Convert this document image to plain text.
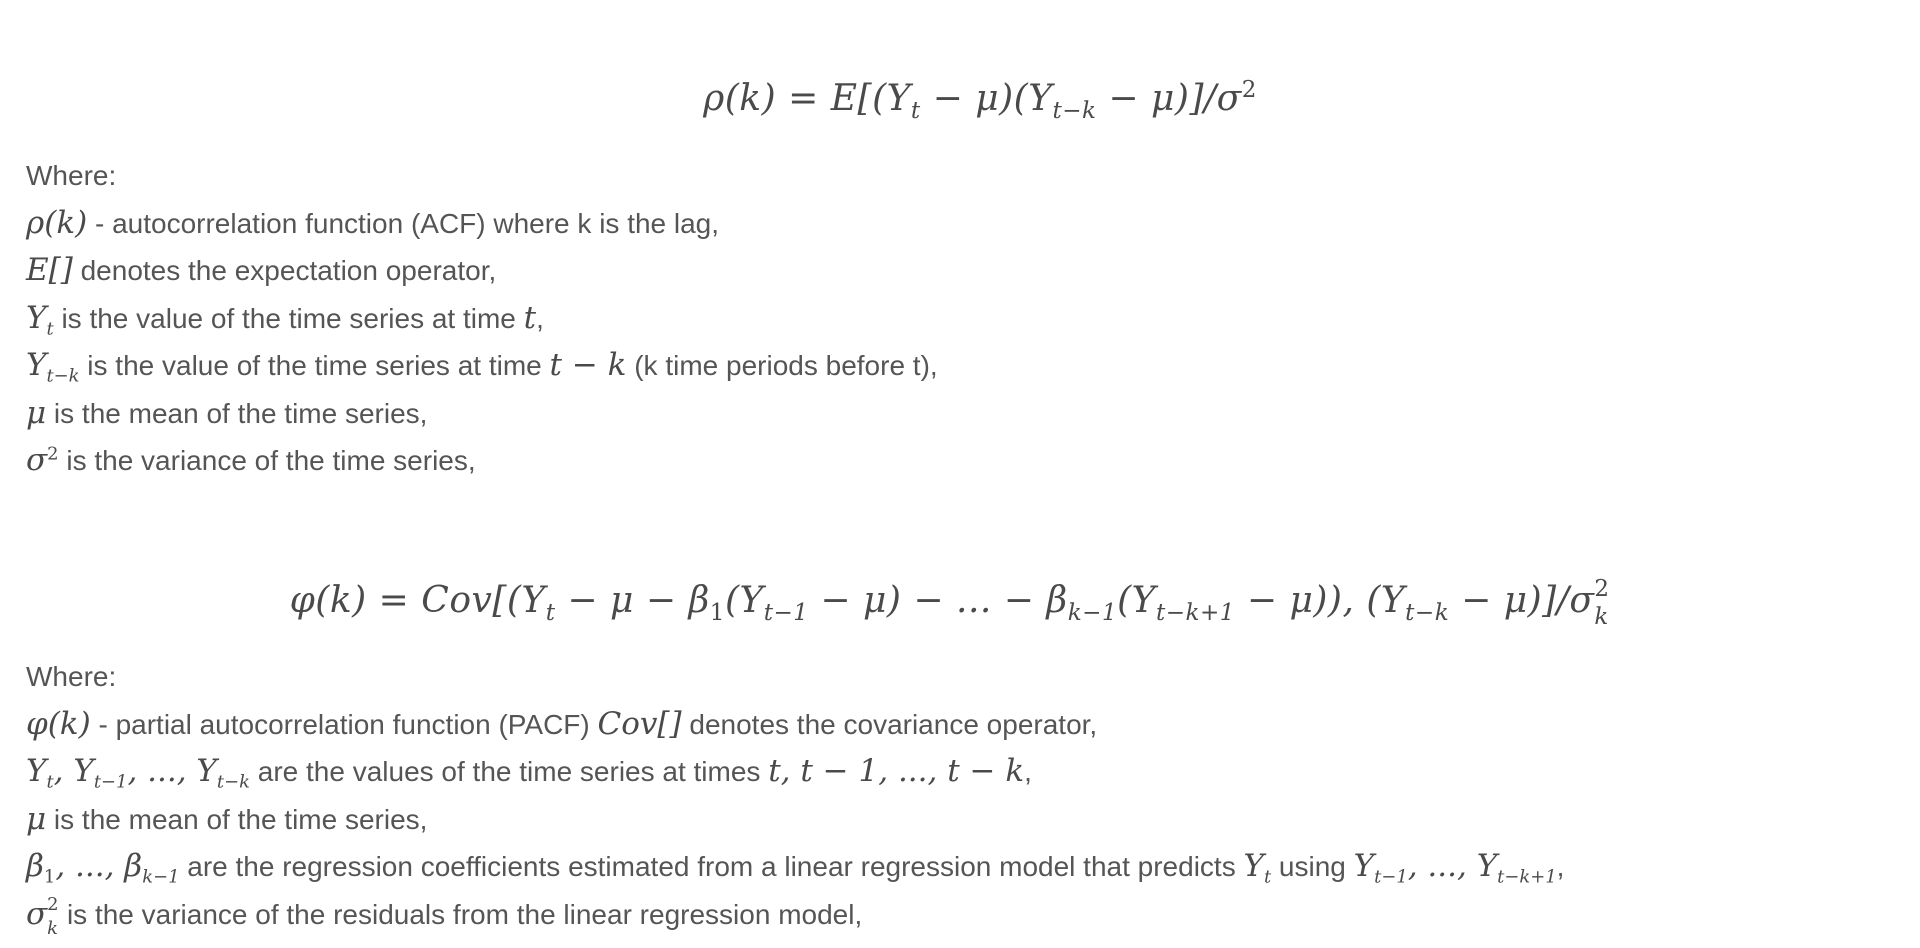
$\rho(k) = E[(Y_t - \mu)(Y_{t-k} - \mu)]/\sigma^2$
Where:
ρ(k) - autocorrelation function (ACF) where k is the lag,
E[] denotes the expectation operator,
$Y_t$ is the value of the time series at time t,
$Y_{t-k}$ is the value of the time series at time t − k (k time periods before t),
μ is the mean of the time series,
$\sigma^2$ is the variance of the time series,
$\varphi(k) = Cov[(Y_t - \mu - \beta_1(Y_{t-1} - \mu)$ − ... − $\beta_{k-1}(Y_{t-k+1} - \mu)$), $(Y_{t-k} - \mu)]/\sigma$ 2
k
Where:
φ(k) - partial autocorrelation function (PACF) Cov[] denotes the covariance operator,
$Y_t$, $Y_{t-1}$, ..., $Y_{t-k}$ are the values of the time series at times t, t − 1, ..., t − k,
μ is the mean of the time series,
$\beta_1$, ..., $\beta_{k-1}$ are the regression coefficients estimated from a linear regression model that predicts $Y_t$ using $Y_{t-1}$, ..., $Y_{t-k+1}$,
σ 2
k is the variance of the residuals from the linear regression model,
